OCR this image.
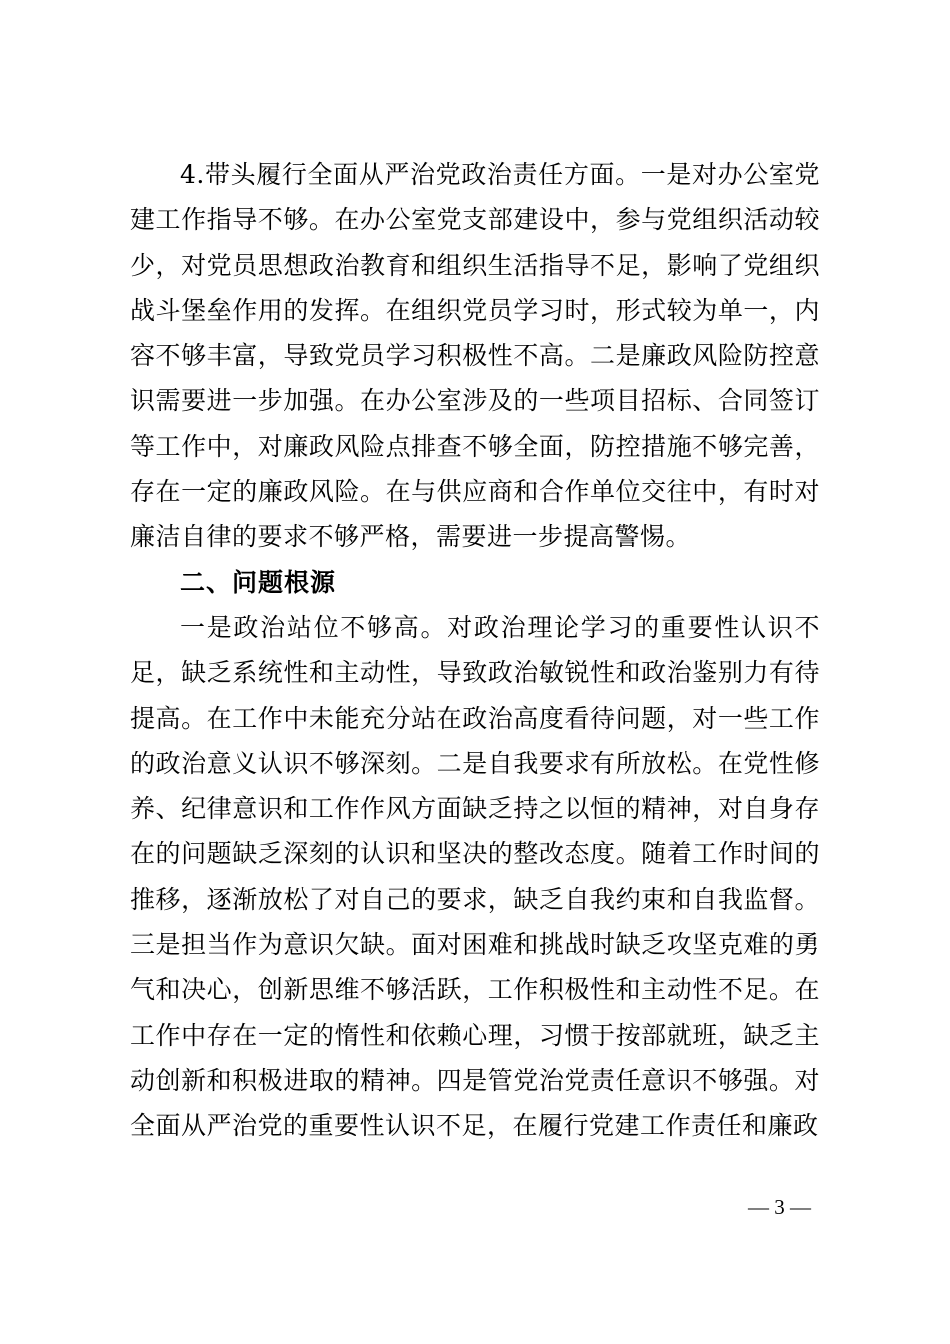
4.带头履行全面从严治党政治责任方面。一是对办公室党建工作指导不够。在办公室党支部建设中，参与党组织活动较少，对党员思想政治教育和组织生活指导不足，影响了党组织战斗堡垒作用的发挥。在组织党员学习时，形式较为单一，内容不够丰富，导致党员学习积极性不高。二是廉政风险防控意识需要进一步加强。在办公室涉及的一些项目招标、合同签订等工作中，对廉政风险点排查不够全面，防控措施不够完善，存在一定的廉政风险。在与供应商和合作单位交往中，有时对廉洁自律的要求不够严格，需要进一步提高警惕。

二、问题根源

一是政治站位不够高。对政治理论学习的重要性认识不足，缺乏系统性和主动性，导致政治敏锐性和政治鉴别力有待提高。在工作中未能充分站在政治高度看待问题，对一些工作的政治意义认识不够深刻。二是自我要求有所放松。在党性修养、纪律意识和工作作风方面缺乏持之以恒的精神，对自身存在的问题缺乏深刻的认识和坚决的整改态度。随着工作时间的推移，逐渐放松了对自己的要求，缺乏自我约束和自我监督。三是担当作为意识欠缺。面对困难和挑战时缺乏攻坚克难的勇气和决心，创新思维不够活跃，工作积极性和主动性不足。在工作中存在一定的惰性和依赖心理，习惯于按部就班，缺乏主动创新和积极进取的精神。四是管党治党责任意识不够强。对全面从严治党的重要性认识不足，在履行党建工作责任和廉政

— 3 —
